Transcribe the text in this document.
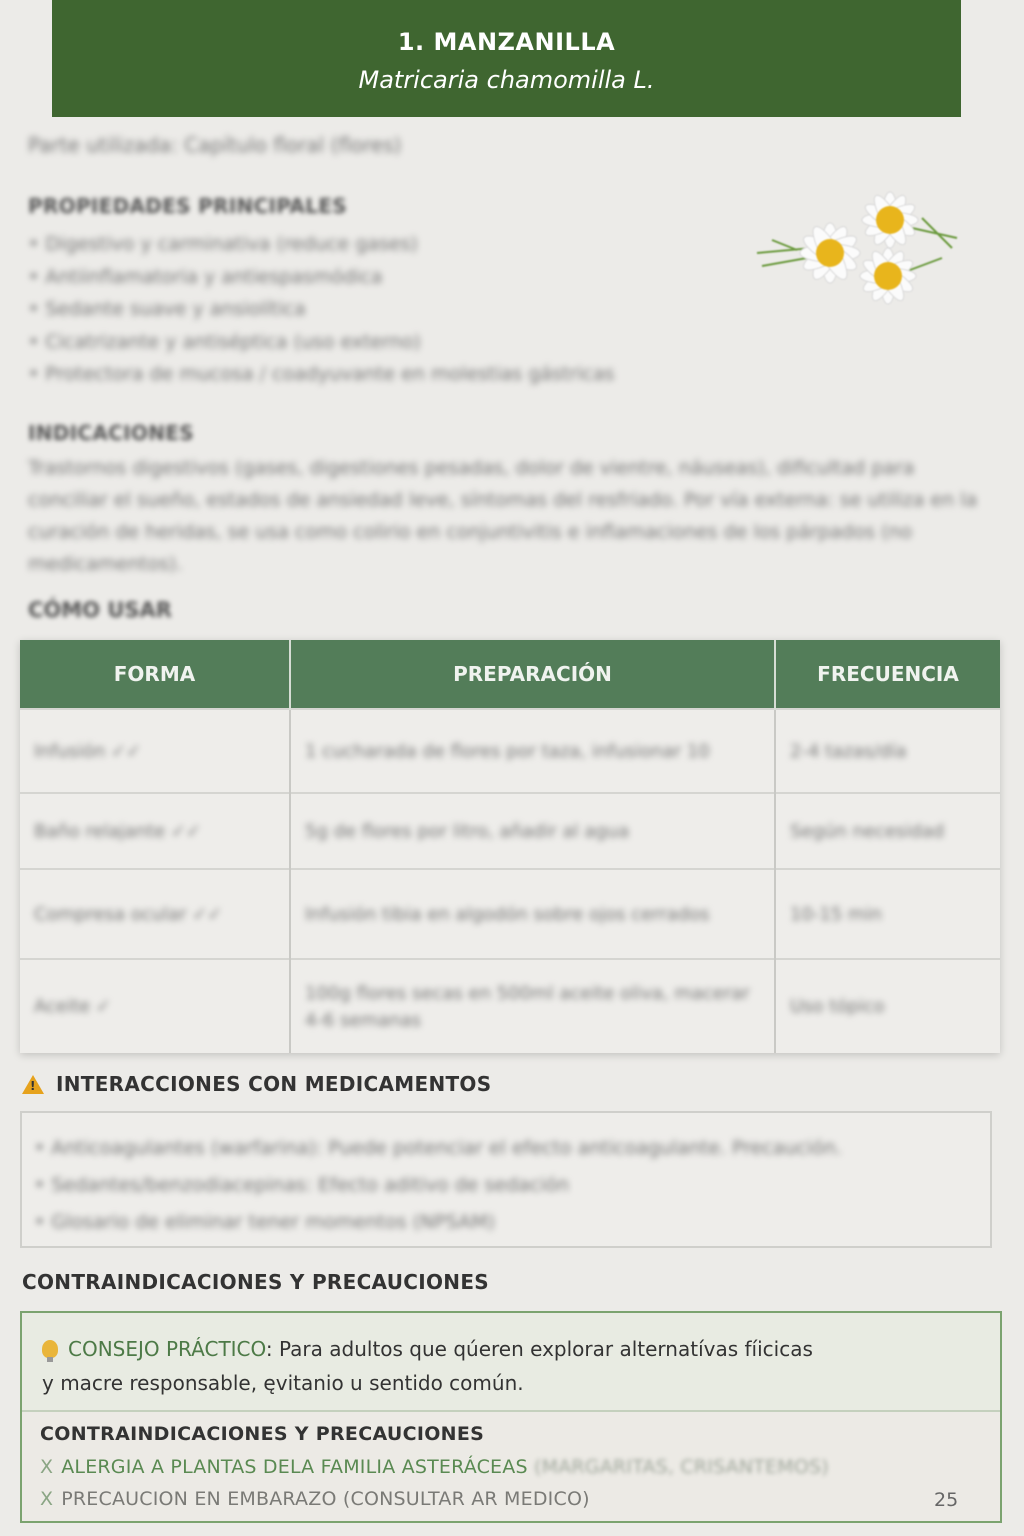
1. MANZANILLA
Matricaria chamomilla L.
Parte utilizada: Capítulo floral (flores)
PROPIEDADES PRINCIPALES
• Digestivo y carminativa (reduce gases)
• Antiinflamatoria y antiespasmódica
• Sedante suave y ansiolítica
• Cicatrizante y antiséptica (uso externo)
• Protectora de mucosa / coadyuvante en molestias gástricas
INDICACIONES
Trastornos digestivos (gases, digestiones pesadas, dolor de vientre, náuseas), dificultad para conciliar el sueño, estados de ansiedad leve, síntomas del resfriado. Por vía externa: se utiliza en la curación de heridas, se usa como colirio en conjuntivitis e inflamaciones de los párpados (no medicamentos).
CÓMO USAR
FORMA	PREPARACIÓN	FRECUENCIA

Infusión ✓✓	1 cucharada de flores por taza, infusionar 10	2-4 tazas/día

Baño relajante ✓✓	5g de flores por litro, añadir al agua	Según necesidad

Compresa ocular ✓✓	Infusión tibia en algodón sobre ojos cerrados	10-15 min

Aceite ✓	100g flores secas en 500ml aceite oliva, macerar 4-6 semanas	Uso tópico
!INTERACCIONES CON MEDICAMENTOS
• Anticoagulantes (warfarina): Puede potenciar el efecto anticoagulante. Precaución.
• Sedantes/benzodiacepinas: Efecto aditivo de sedación
• Glosario de eliminar tener momentos (NPSAM)
CONTRAINDICACIONES Y PRECAUCIONES
CONSEJO PRÁCTICO: Para adultos que qúeren explorar alternatívas fíicicas
y macre responsable, ęvitanio u sentido común.
CONTRAINDICACIONES Y PRECAUCIONES
X ALERGIA A PLANTAS DELA FAMILIA ASTERÁCEAS (MARGARITAS, CRISANTEMOS)
X PRECAUCION EN EMBARAZO (CONSULTAR AR MEDICO)	25
